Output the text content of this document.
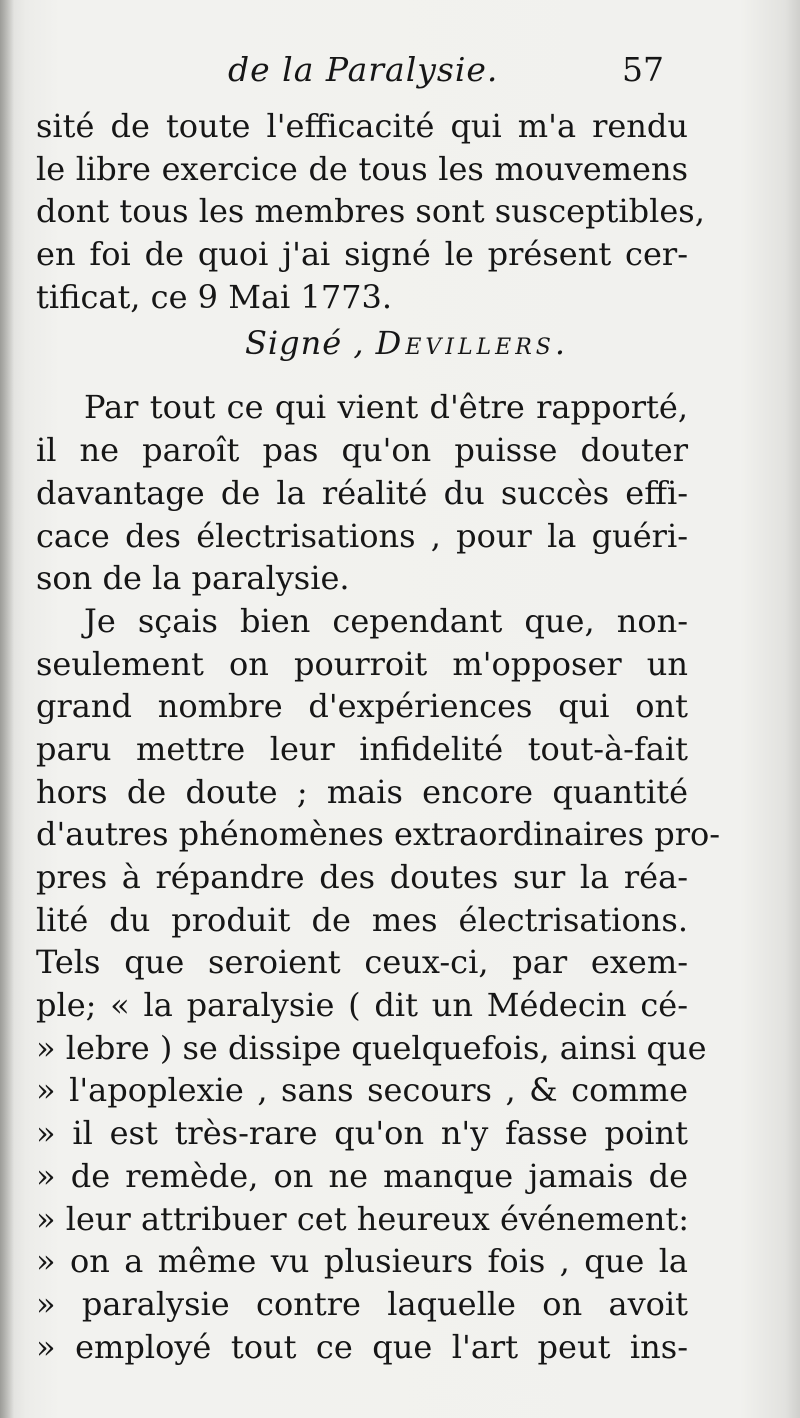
de la Paralysie.	57
sité de toute l'efficacité qui m'a rendu
le libre exercice de tous les mouvemens
dont tous les membres sont susceptibles,
en foi de quoi j'ai signé le présent cer-
tificat, ce 9 Mai 1773.
Signé , Devillers.
Par tout ce qui vient d'être rapporté,
il ne paroît pas qu'on puisse douter
davantage de la réalité du succès effi-
cace des électrisations , pour la guéri-
son de la paralysie.
Je sçais bien cependant que, non-
seulement on pourroit m'opposer un
grand nombre d'expériences qui ont
paru mettre leur infidelité tout-à-fait
hors de doute ; mais encore quantité
d'autres phénomènes extraordinaires pro-
pres à répandre des doutes sur la réa-
lité du produit de mes électrisations.
Tels que seroient ceux-ci, par exem-
ple; « la paralysie ( dit un Médecin cé-
» lebre ) se dissipe quelquefois, ainsi que
» l'apoplexie , sans secours , & comme
» il est très-rare qu'on n'y fasse point
» de remède, on ne manque jamais de
» leur attribuer cet heureux événement:
» on a même vu plusieurs fois , que la
» paralysie contre laquelle on avoit
» employé tout ce que l'art peut ins-
